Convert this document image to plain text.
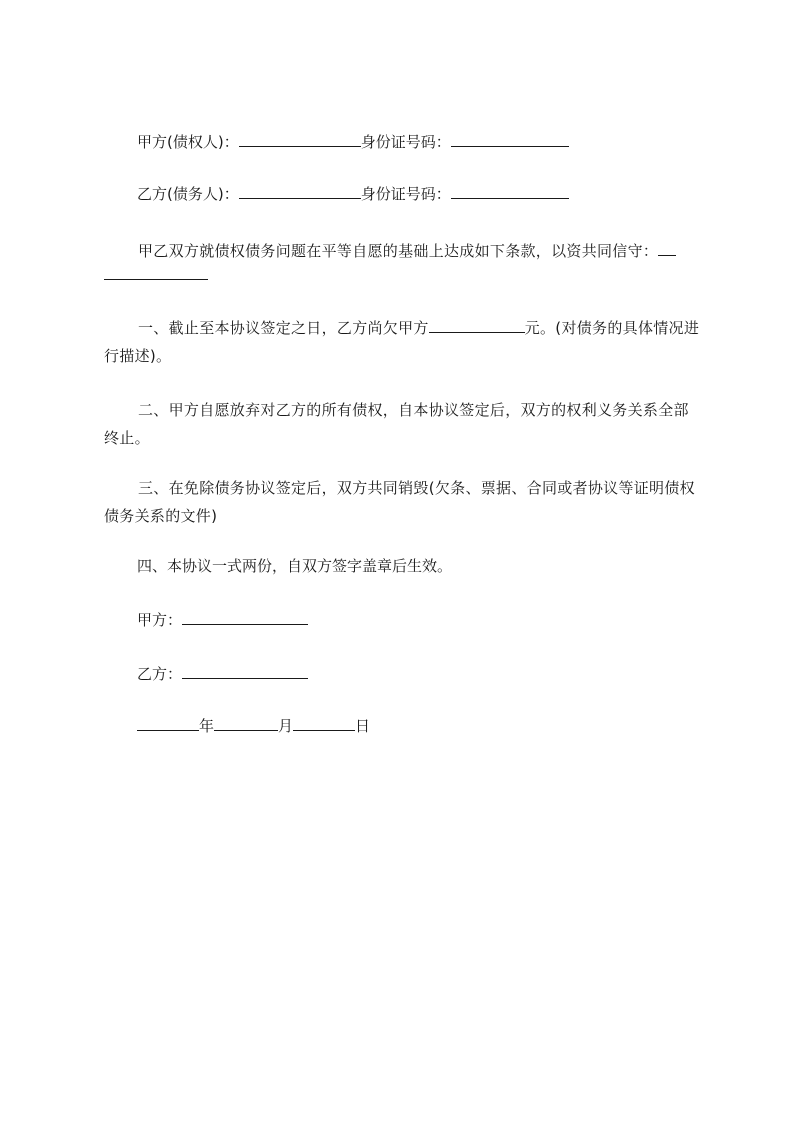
甲方(债权人)：	身份证号码：
乙方(债务人)：	身份证号码：
甲乙双方就债权债务问题在平等自愿的基础上达成如下条款，以资共同信守：
一、截止至本协议签定之日，乙方尚欠甲方	元。(对债务的具体情况进行描述)。
二、甲方自愿放弃对乙方的所有债权，自本协议签定后，双方的权利义务关系全部终止。
三、在免除债务协议签定后，双方共同销毁(欠条、票据、合同或者协议等证明债权债务关系的文件)
四、本协议一式两份，自双方签字盖章后生效。
甲方：
乙方：
年	月	日
